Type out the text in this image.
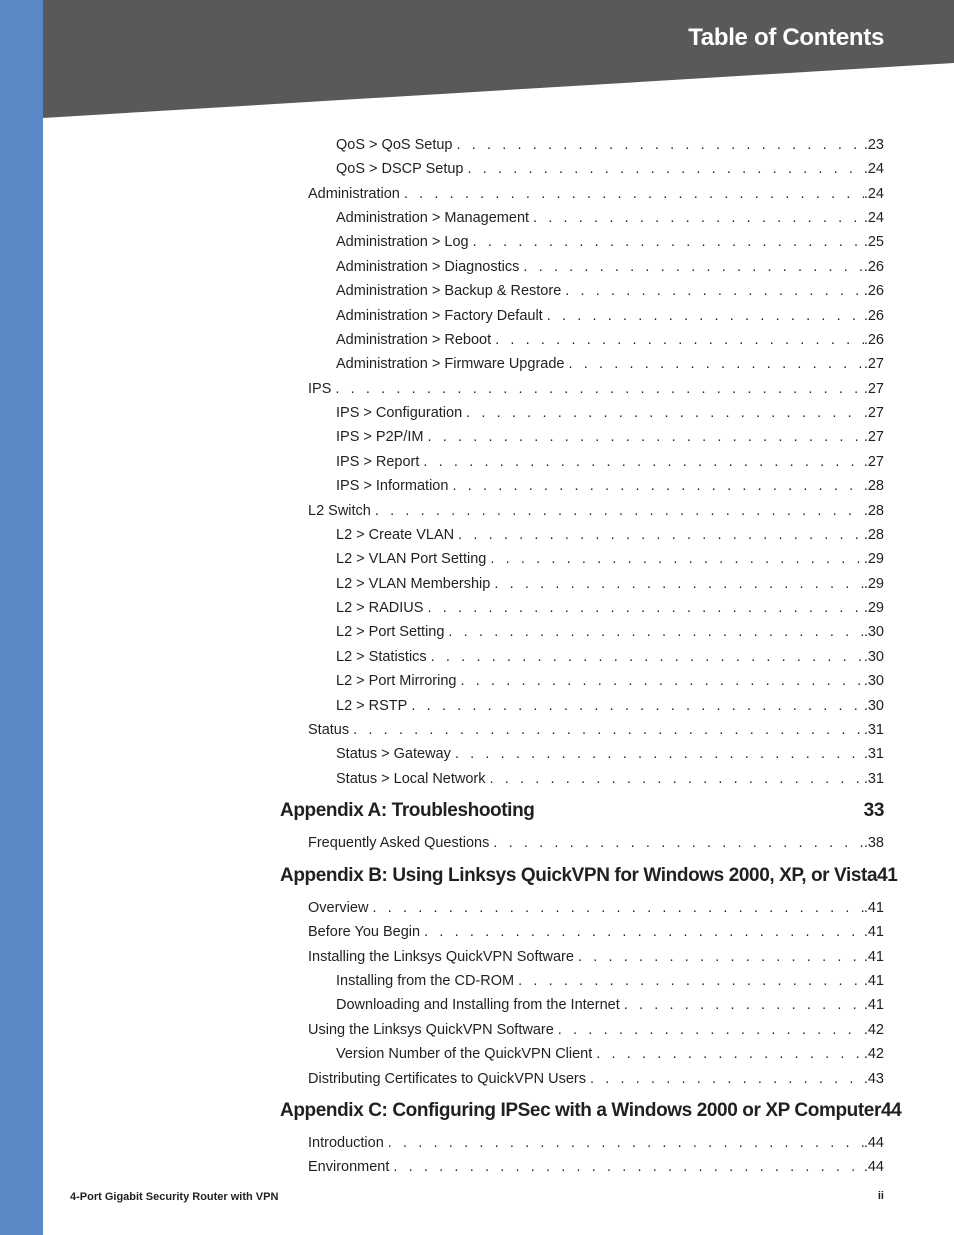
Table of Contents
QoS > QoS Setup . . .	.23
QoS > DSCP Setup . . .	.24
Administration . . .	.24
Administration > Management . . .	.24
Administration > Log . . .	.25
Administration > Diagnostics . . .	.26
Administration > Backup & Restore . . .	.26
Administration > Factory Default . . .	.26
Administration > Reboot . . .	.26
Administration > Firmware Upgrade . . .	.27
IPS . . .	.27
IPS > Configuration . . .	.27
IPS > P2P/IM . . .	.27
IPS > Report . . .	.27
IPS > Information . . .	.28
L2 Switch . . .	.28
L2 > Create VLAN . . .	.28
L2 > VLAN Port Setting . . .	.29
L2 > VLAN Membership . . .	.29
L2 > RADIUS . . .	.29
L2 > Port Setting . . .	.30
L2 > Statistics . . .	.30
L2 > Port Mirroring . . .	.30
L2 > RSTP . . .	.30
Status . . .	.31
Status > Gateway . . .	.31
Status > Local Network . . .	.31
Appendix A: Troubleshooting	33
Frequently Asked Questions . . .	.38
Appendix B: Using Linksys QuickVPN for Windows 2000, XP, or Vista 41
Overview . . .	.41
Before You Begin . . .	.41
Installing the Linksys QuickVPN Software . . .	.41
Installing from the CD-ROM . . .	.41
Downloading and Installing from the Internet . . .	.41
Using the Linksys QuickVPN Software . . .	.42
Version Number of the QuickVPN Client . . .	.42
Distributing Certificates to QuickVPN Users . . .	.43
Appendix C: Configuring IPSec with a Windows 2000 or XP Computer 44
Introduction . . .	.44
Environment . . .	.44
4-Port Gigabit Security Router with VPN	ii
